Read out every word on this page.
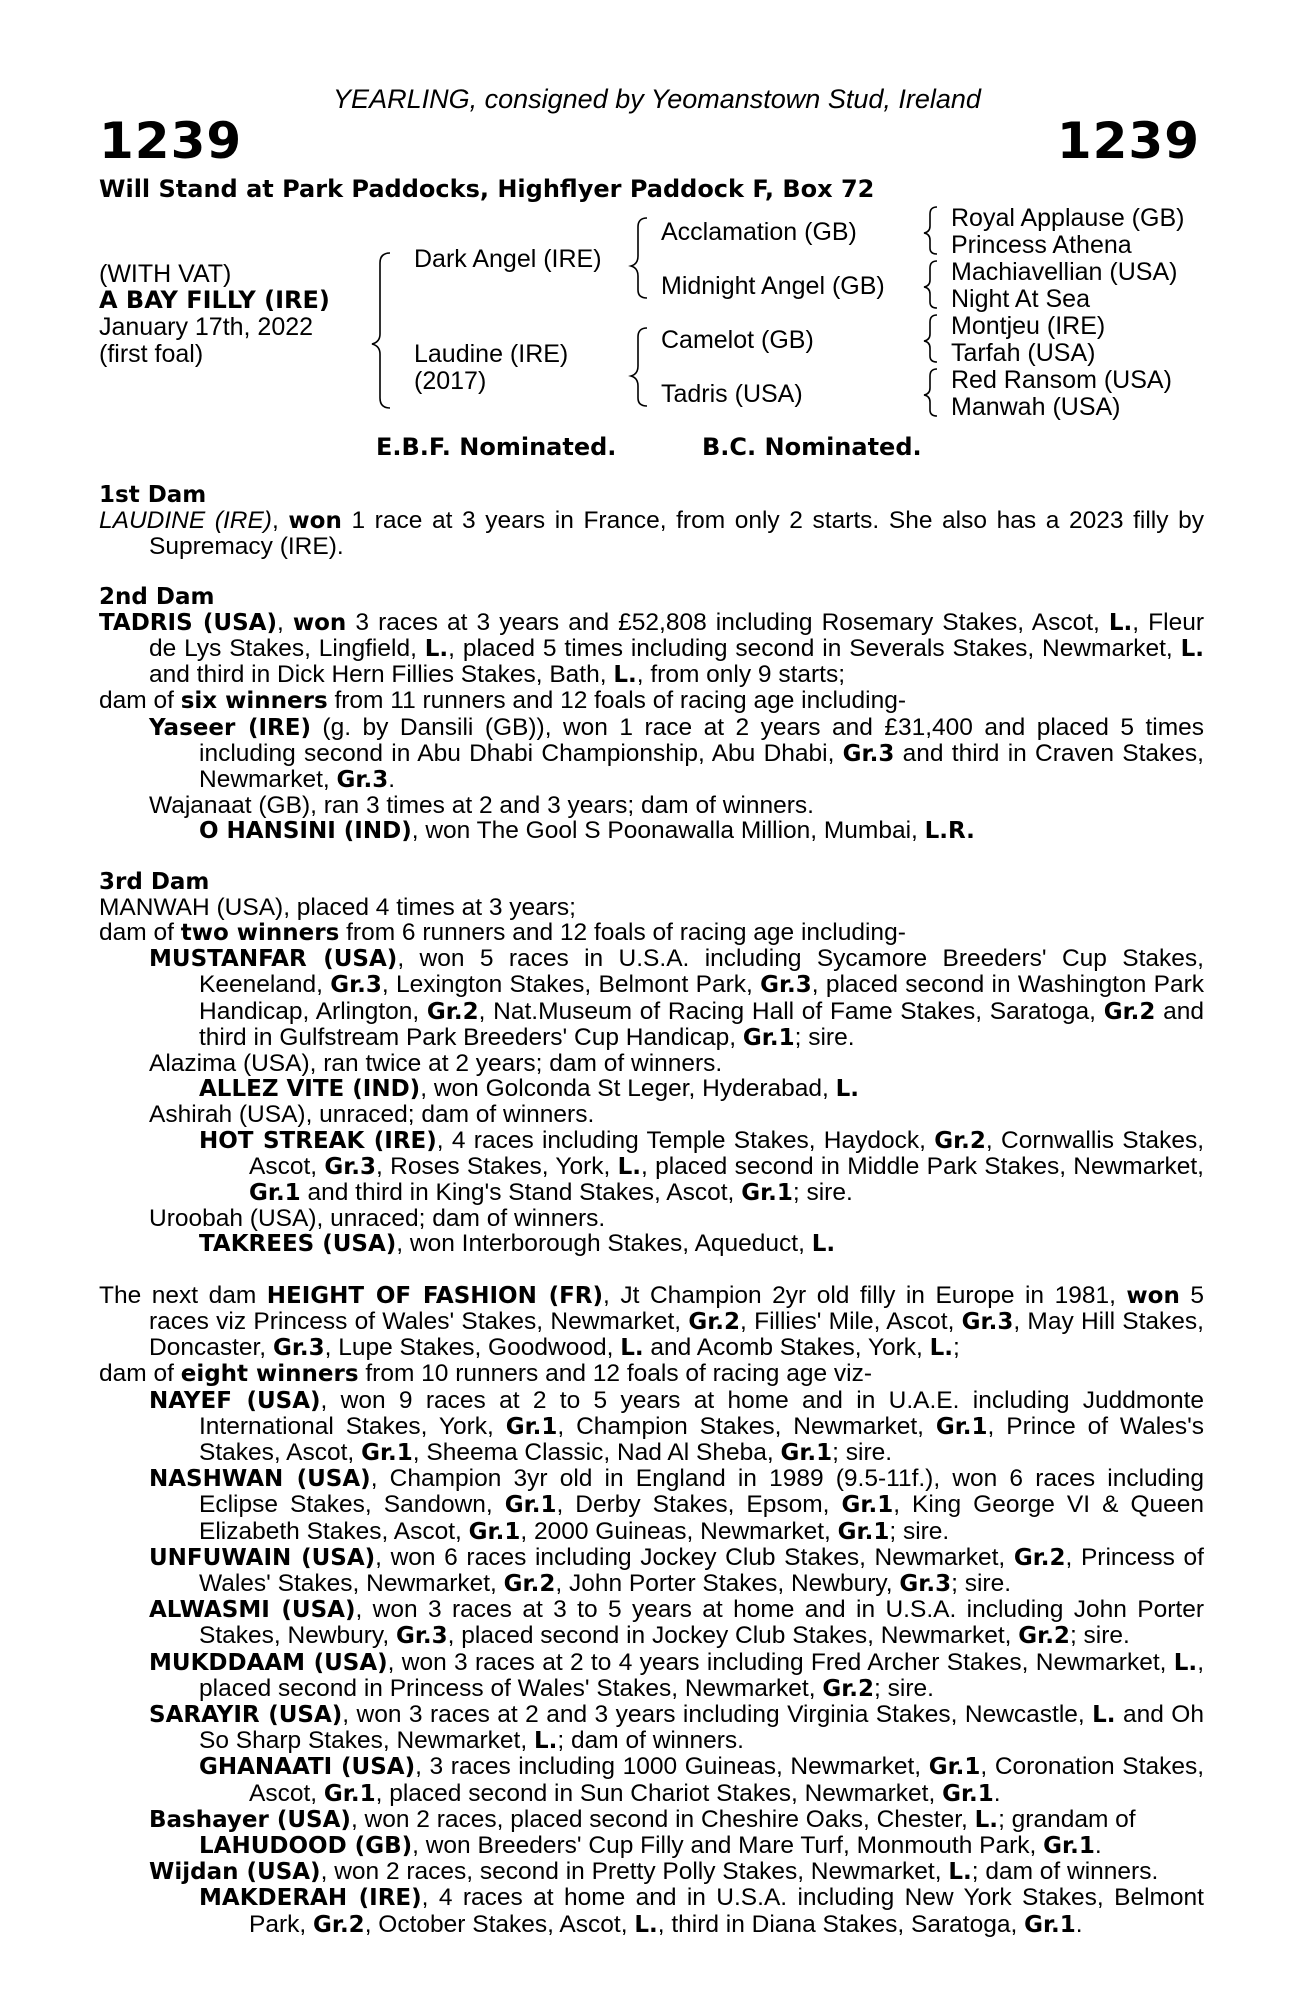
YEARLING, consigned by Yeomanstown Stud, Ireland
1239	1239
Will Stand at Park Paddocks, Highflyer Paddock F, Box 72
(WITH VAT)
A BAY FILLY (IRE)
January 17th, 2022
(first foal)
Dark Angel (IRE)
Laudine (IRE)
(2017)
Acclamation (GB)
Midnight Angel (GB)
Camelot (GB)
Tadris (USA)
Royal Applause (GB)
Princess Athena
Machiavellian (USA)
Night At Sea
Montjeu (IRE)
Tarfah (USA)
Red Ransom (USA)
Manwah (USA)
E.B.F. Nominated.	B.C. Nominated.
1st Dam
LAUDINE (IRE), won 1 race at 3 years in France, from only 2 starts. She also has a 2023 filly by Supremacy (IRE).
2nd Dam
TADRIS (USA), won 3 races at 3 years and £52,808 including Rosemary Stakes, Ascot, L., Fleur de Lys Stakes, Lingfield, L., placed 5 times including second in Severals Stakes, Newmarket, L. and third in Dick Hern Fillies Stakes, Bath, L., from only 9 starts;
dam of six winners from 11 runners and 12 foals of racing age including-
Yaseer (IRE) (g. by Dansili (GB)), won 1 race at 2 years and £31,400 and placed 5 times including second in Abu Dhabi Championship, Abu Dhabi, Gr.3 and third in Craven Stakes, Newmarket, Gr.3.
Wajanaat (GB), ran 3 times at 2 and 3 years; dam of winners.
O HANSINI (IND), won The Gool S Poonawalla Million, Mumbai, L.R.
3rd Dam
MANWAH (USA), placed 4 times at 3 years;
dam of two winners from 6 runners and 12 foals of racing age including-
MUSTANFAR (USA), won 5 races in U.S.A. including Sycamore Breeders' Cup Stakes, Keeneland, Gr.3, Lexington Stakes, Belmont Park, Gr.3, placed second in Washington Park Handicap, Arlington, Gr.2, Nat.Museum of Racing Hall of Fame Stakes, Saratoga, Gr.2 and third in Gulfstream Park Breeders' Cup Handicap, Gr.1; sire.
Alazima (USA), ran twice at 2 years; dam of winners.
ALLEZ VITE (IND), won Golconda St Leger, Hyderabad, L.
Ashirah (USA), unraced; dam of winners.
HOT STREAK (IRE), 4 races including Temple Stakes, Haydock, Gr.2, Cornwallis Stakes, Ascot, Gr.3, Roses Stakes, York, L., placed second in Middle Park Stakes, Newmarket, Gr.1 and third in King's Stand Stakes, Ascot, Gr.1; sire.
Uroobah (USA), unraced; dam of winners.
TAKREES (USA), won Interborough Stakes, Aqueduct, L.
The next dam HEIGHT OF FASHION (FR), Jt Champion 2yr old filly in Europe in 1981, won 5 races viz Princess of Wales' Stakes, Newmarket, Gr.2, Fillies' Mile, Ascot, Gr.3, May Hill Stakes, Doncaster, Gr.3, Lupe Stakes, Goodwood, L. and Acomb Stakes, York, L.;
dam of eight winners from 10 runners and 12 foals of racing age viz-
NAYEF (USA), won 9 races at 2 to 5 years at home and in U.A.E. including Juddmonte International Stakes, York, Gr.1, Champion Stakes, Newmarket, Gr.1, Prince of Wales's Stakes, Ascot, Gr.1, Sheema Classic, Nad Al Sheba, Gr.1; sire.
NASHWAN (USA), Champion 3yr old in England in 1989 (9.5-11f.), won 6 races including Eclipse Stakes, Sandown, Gr.1, Derby Stakes, Epsom, Gr.1, King George VI & Queen Elizabeth Stakes, Ascot, Gr.1, 2000 Guineas, Newmarket, Gr.1; sire.
UNFUWAIN (USA), won 6 races including Jockey Club Stakes, Newmarket, Gr.2, Princess of Wales' Stakes, Newmarket, Gr.2, John Porter Stakes, Newbury, Gr.3; sire.
ALWASMI (USA), won 3 races at 3 to 5 years at home and in U.S.A. including John Porter Stakes, Newbury, Gr.3, placed second in Jockey Club Stakes, Newmarket, Gr.2; sire.
MUKDDAAM (USA), won 3 races at 2 to 4 years including Fred Archer Stakes, Newmarket, L., placed second in Princess of Wales' Stakes, Newmarket, Gr.2; sire.
SARAYIR (USA), won 3 races at 2 and 3 years including Virginia Stakes, Newcastle, L. and Oh So Sharp Stakes, Newmarket, L.; dam of winners.
GHANAATI (USA), 3 races including 1000 Guineas, Newmarket, Gr.1, Coronation Stakes, Ascot, Gr.1, placed second in Sun Chariot Stakes, Newmarket, Gr.1.
Bashayer (USA), won 2 races, placed second in Cheshire Oaks, Chester, L.; grandam of
LAHUDOOD (GB), won Breeders' Cup Filly and Mare Turf, Monmouth Park, Gr.1.
Wijdan (USA), won 2 races, second in Pretty Polly Stakes, Newmarket, L.; dam of winners.
MAKDERAH (IRE), 4 races at home and in U.S.A. including New York Stakes, Belmont Park, Gr.2, October Stakes, Ascot, L., third in Diana Stakes, Saratoga, Gr.1.
